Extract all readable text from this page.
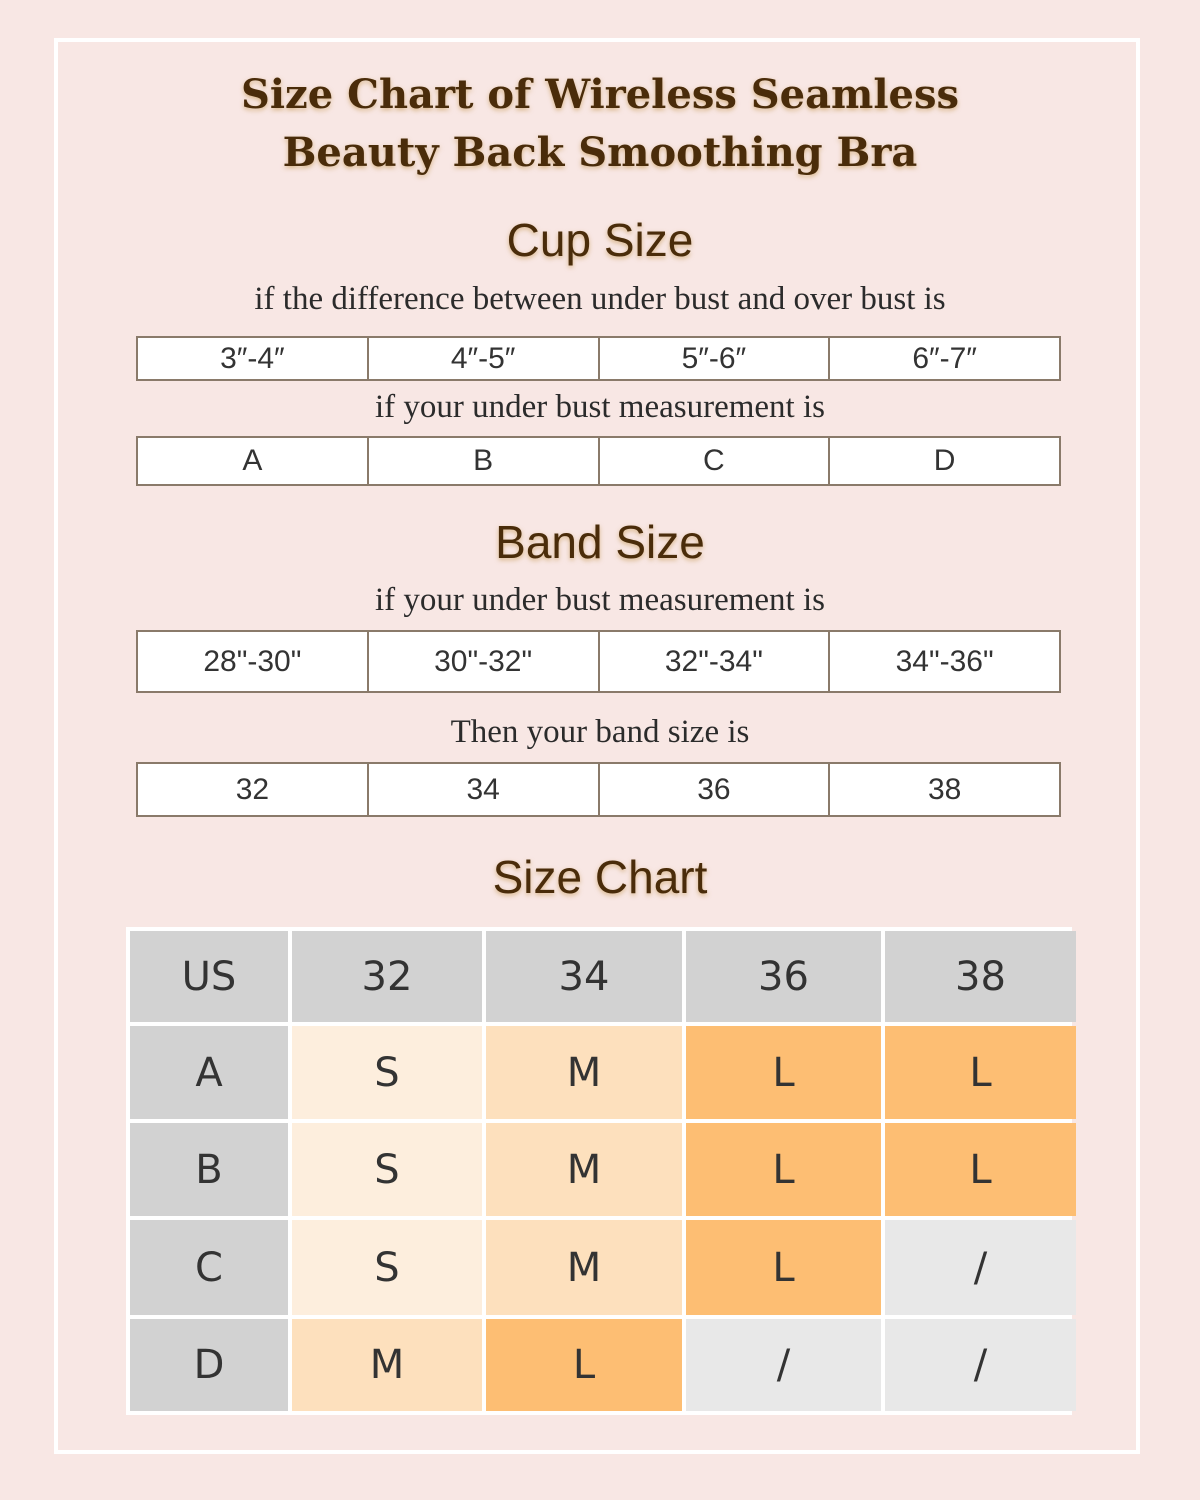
Size Chart of Wireless Seamless
Beauty Back Smoothing Bra
Cup Size
if the difference between under bust and over bust is
3″-4″	4″-5″	5″-6″	6″-7″
if your under bust measurement is
A	B	C	D
Band Size
if your under bust measurement is
28"-30"	30"-32"	32"-34"	34"-36"
Then your band size is
32	34	36	38
Size Chart
US	32	34	36	38
A	S	M	L	L
B	S	M	L	L
C	S	M	L	/
D	M	L	/	/
